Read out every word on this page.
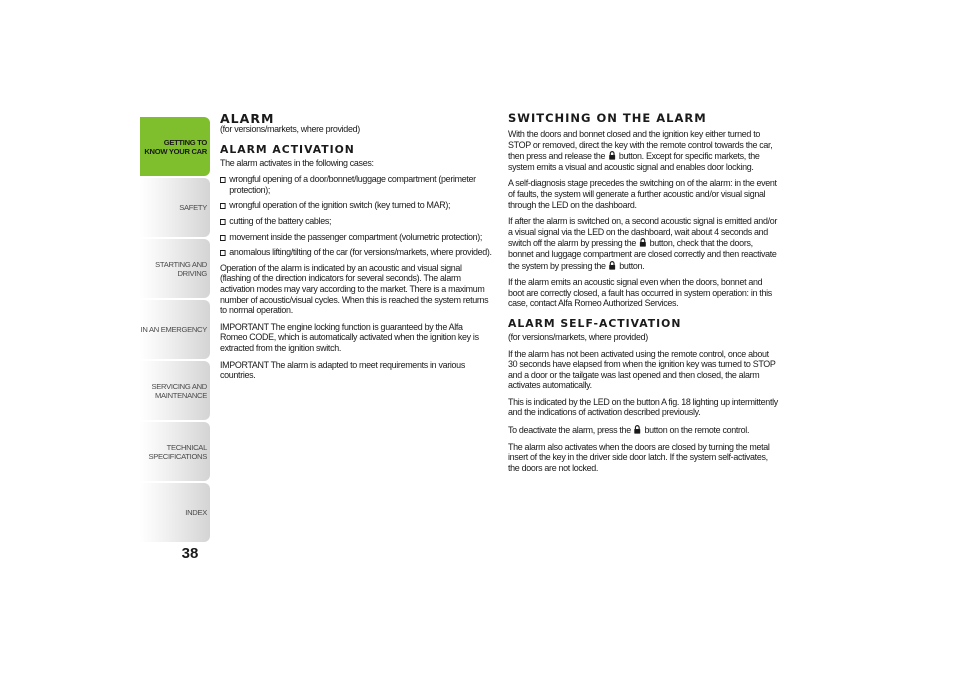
GETTING TO
KNOW YOUR CAR
SAFETY
STARTING AND
DRIVING
IN AN EMERGENCY
SERVICING AND
MAINTENANCE
TECHNICAL
SPECIFICATIONS
INDEX
38
ALARM

(for versions/markets, where provided)

ALARM ACTIVATION

The alarm activates in the following cases:

wrongful opening of a door/bonnet/luggage compartment (perimeter protection);
wrongful operation of the ignition switch (key turned to MAR);
cutting of the battery cables;
movement inside the passenger compartment (volumetric protection);
anomalous lifting/tilting of the car (for versions/markets, where provided).

Operation of the alarm is indicated by an acoustic and visual signal (flashing of the direction indicators for several seconds). The alarm activation modes may vary according to the market. There is a maximum number of acoustic/visual cycles. When this is reached the system returns to normal operation.

IMPORTANT The engine locking function is guaranteed by the Alfa Romeo CODE, which is automatically activated when the ignition key is extracted from the ignition switch.

IMPORTANT The alarm is adapted to meet requirements in various countries.

SWITCHING ON THE ALARM

With the doors and bonnet closed and the ignition key either turned to STOP or removed, direct the key with the remote control towards the car, then press and release the button. Except for specific markets, the system emits a visual and acoustic signal and enables door locking.

A self-diagnosis stage precedes the switching on of the alarm: in the event of faults, the system will generate a further acoustic and/or visual signal through the LED on the dashboard.

If after the alarm is switched on, a second acoustic signal is emitted and/or a visual signal via the LED on the dashboard, wait about 4 seconds and switch off the alarm by pressing the button, check that the doors, bonnet and luggage compartment are closed correctly and then reactivate the system by pressing the button.

If the alarm emits an acoustic signal even when the doors, bonnet and boot are correctly closed, a fault has occurred in system operation: in this case, contact Alfa Romeo Authorized Services.

ALARM SELF-ACTIVATION

(for versions/markets, where provided)

If the alarm has not been activated using the remote control, once about 30 seconds have elapsed from when the ignition key was turned to STOP and a door or the tailgate was last opened and then closed, the alarm activates automatically.

This is indicated by the LED on the button A fig. 18 lighting up intermittently and the indications of activation described previously.

To deactivate the alarm, press the button on the remote control.

The alarm also activates when the doors are closed by turning the metal insert of the key in the driver side door latch. If the system self-activates, the doors are not locked.
